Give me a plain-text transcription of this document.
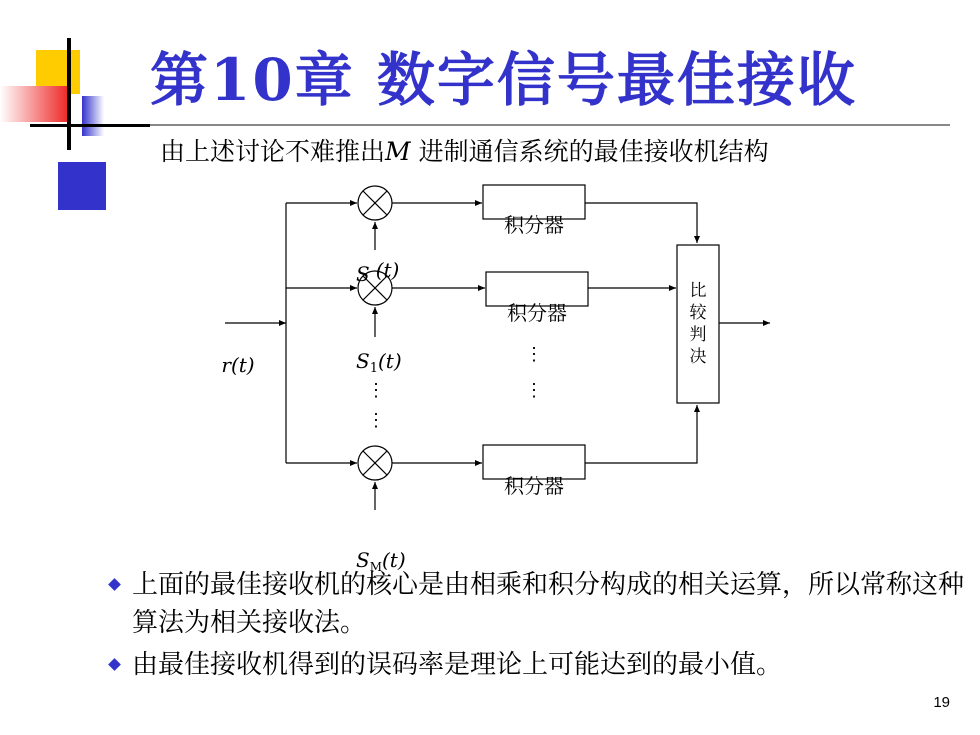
第10章 数字信号最佳接收
由上述讨论不难推出M 进制通信系统的最佳接收机结构
积分器
积分器
积分器
比
较
判
决
r(t)
S (t)
$S_1(t)$
$S_M(t)$
⋮
⋮
⋮
⋮
上面的最佳接收机的核心是由相乘和积分构成的相关运算，所以常称这种算法为相关接收法。
由最佳接收机得到的误码率是理论上可能达到的最小值。
19
